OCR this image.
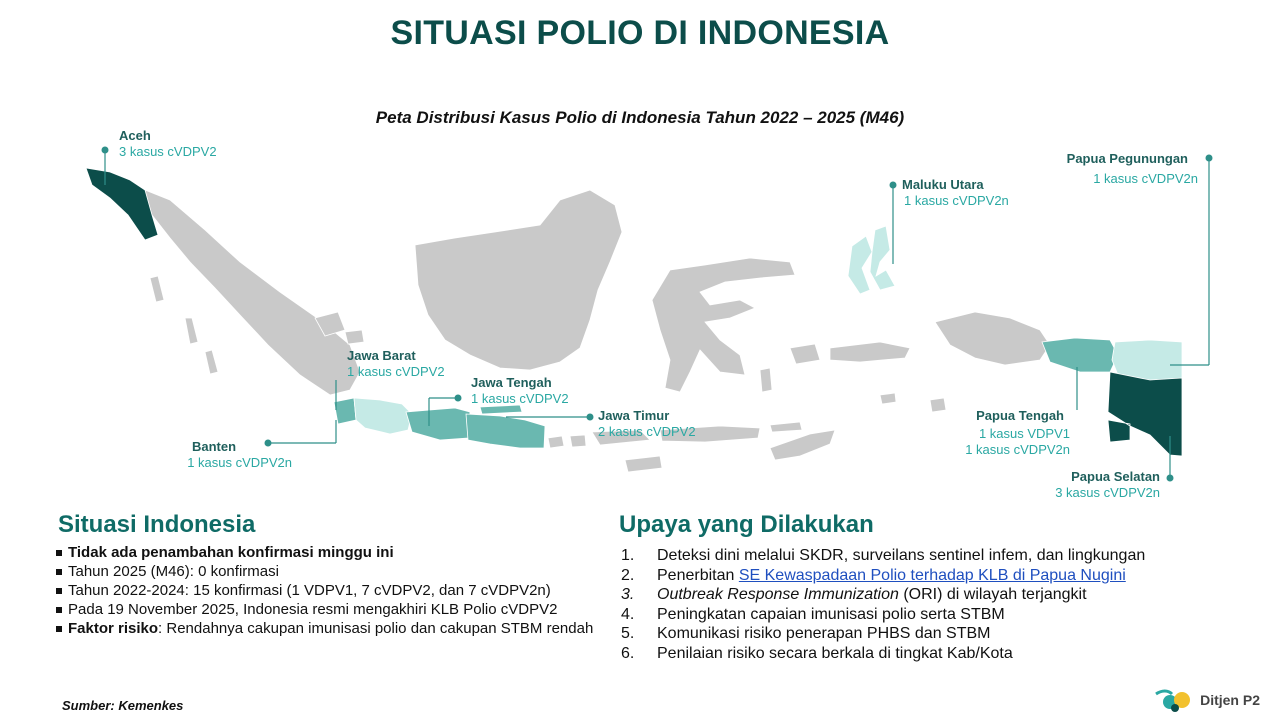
SITUASI POLIO DI INDONESIA
Peta Distribusi Kasus Polio di Indonesia Tahun 2022 – 2025 (M46)
Aceh
3 kasus cVDPV2
Jawa Barat
1 kasus cVDPV2
Jawa Tengah
1 kasus cVDPV2
Jawa Timur
2 kasus cVDPV2
Banten
1 kasus cVDPV2n
Maluku Utara
1 kasus cVDPV2n
Papua Pegunungan
1 kasus cVDPV2n
Papua Tengah
1 kasus VDPV1
1 kasus cVDPV2n
Papua Selatan
3 kasus cVDPV2n
Situasi Indonesia
Tidak ada penambahan konfirmasi minggu ini
Tahun 2025 (M46): 0 konfirmasi
Tahun 2022-2024: 15 konfirmasi (1 VDPV1, 7 cVDPV2, dan 7 cVDPV2n)
Pada 19 November 2025, Indonesia resmi mengakhiri KLB Polio cVDPV2
Faktor risiko: Rendahnya cakupan imunisasi polio dan cakupan STBM rendah
Upaya yang Dilakukan
1. Deteksi dini melalui SKDR, surveilans sentinel infem, dan lingkungan
2. Penerbitan SE Kewaspadaan Polio terhadap KLB di Papua Nugini
3. Outbreak Response Immunization (ORI) di wilayah terjangkit
4. Peningkatan capaian imunisasi polio serta STBM
5. Komunikasi risiko penerapan PHBS dan STBM
6. Penilaian risiko secara berkala di tingkat Kab/Kota
Sumber: Kemenkes	Ditjen P2
